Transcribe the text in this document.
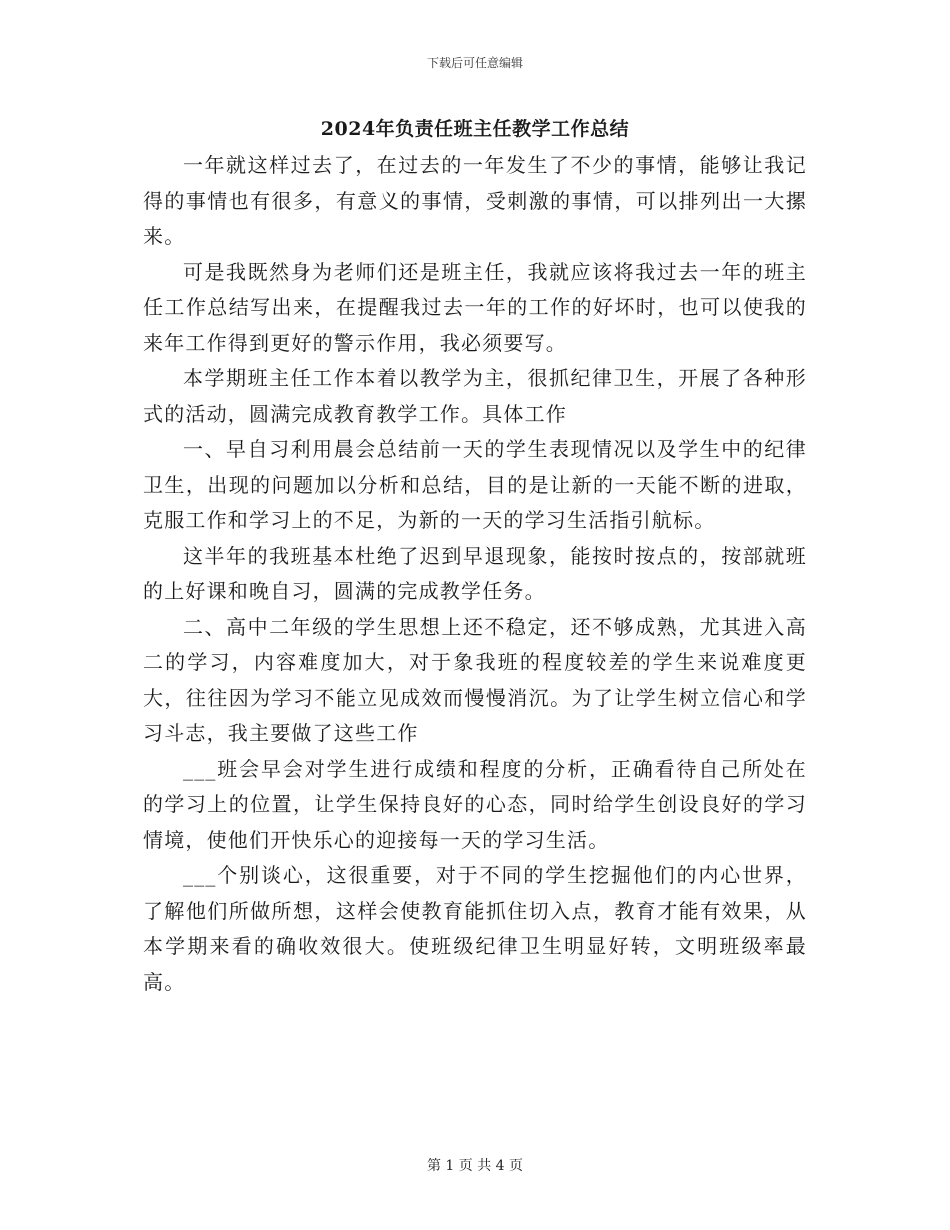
下载后可任意编辑
2024年负责任班主任教学工作总结

一年就这样过去了，在过去的一年发生了不少的事情，能够让我记得的事情也有很多，有意义的事情，受刺激的事情，可以排列出一大摞来。

可是我既然身为老师们还是班主任，我就应该将我过去一年的班主任工作总结写出来，在提醒我过去一年的工作的好坏时，也可以使我的来年工作得到更好的警示作用，我必须要写。

本学期班主任工作本着以教学为主，很抓纪律卫生，开展了各种形式的活动，圆满完成教育教学工作。具体工作

一、早自习利用晨会总结前一天的学生表现情况以及学生中的纪律卫生，出现的问题加以分析和总结，目的是让新的一天能不断的进取，克服工作和学习上的不足，为新的一天的学习生活指引航标。

这半年的我班基本杜绝了迟到早退现象，能按时按点的，按部就班的上好课和晚自习，圆满的完成教学任务。

二、高中二年级的学生思想上还不稳定，还不够成熟，尤其进入高二的学习，内容难度加大，对于象我班的程度较差的学生来说难度更大，往往因为学习不能立见成效而慢慢消沉。为了让学生树立信心和学习斗志，我主要做了这些工作

___班会早会对学生进行成绩和程度的分析，正确看待自己所处在的学习上的位置，让学生保持良好的心态，同时给学生创设良好的学习情境，使他们开快乐心的迎接每一天的学习生活。

___个别谈心，这很重要，对于不同的学生挖掘他们的内心世界，了解他们所做所想，这样会使教育能抓住切入点，教育才能有效果，从本学期来看的确收效很大。使班级纪律卫生明显好转，文明班级率最高。

第 1 页 共 4 页
